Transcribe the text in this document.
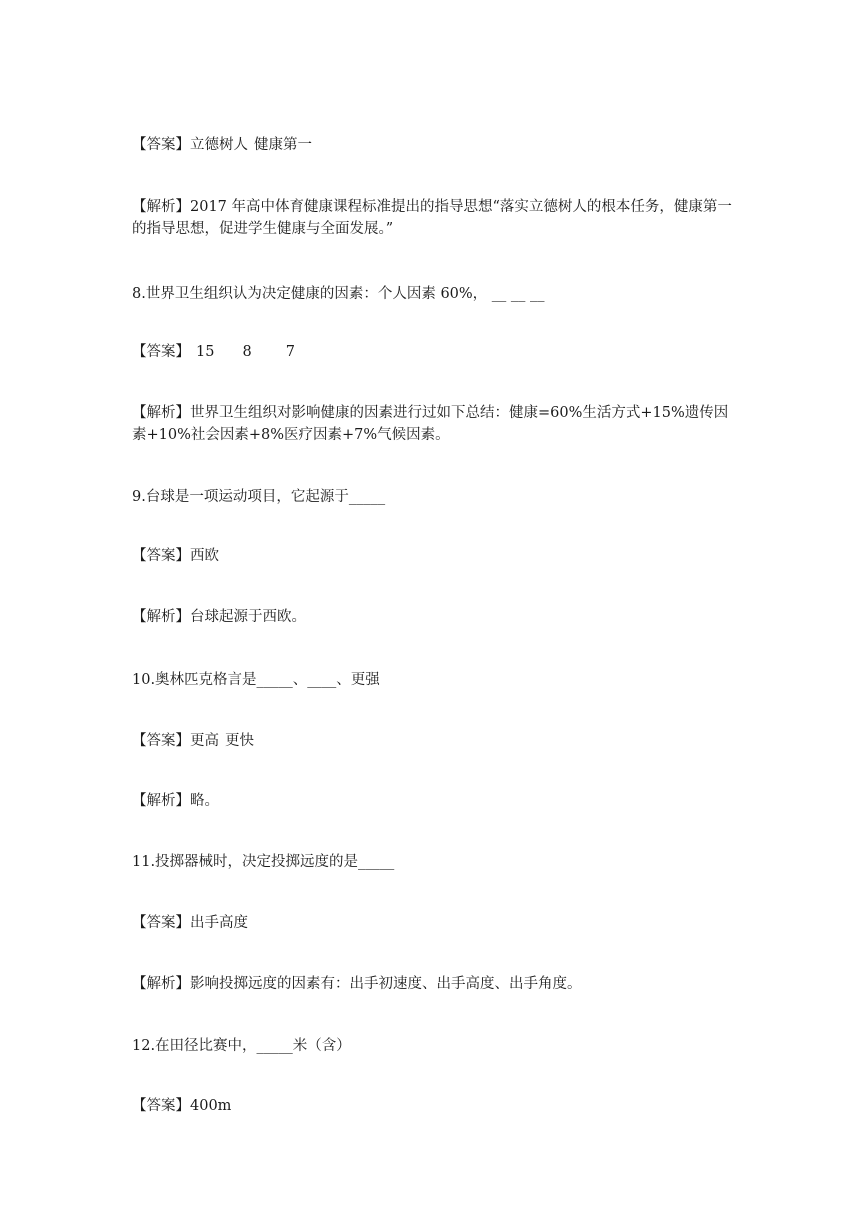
【答案】立德树人 健康第一
【解析】2017 年高中体育健康课程标准提出的指导思想“落实立德树人的根本任务，健康第一的指导思想，促进学生健康与全面发展。”
8.世界卫生组织认为决定健康的因素：个人因素 60%， __ __ __
【答案】 15 8 7
【解析】世界卫生组织对影响健康的因素进行过如下总结：健康=60%生活方式+15%遗传因素+10%社会因素+8%医疗因素+7%气候因素。
9.台球是一项运动项目，它起源于_____
【答案】西欧
【解析】台球起源于西欧。
10.奥林匹克格言是_____、____、更强
【答案】更高 更快
【解析】略。
11.投掷器械时，决定投掷远度的是_____
【答案】出手高度
【解析】影响投掷远度的因素有：出手初速度、出手高度、出手角度。
12.在田径比赛中，_____米（含）
【答案】400m
